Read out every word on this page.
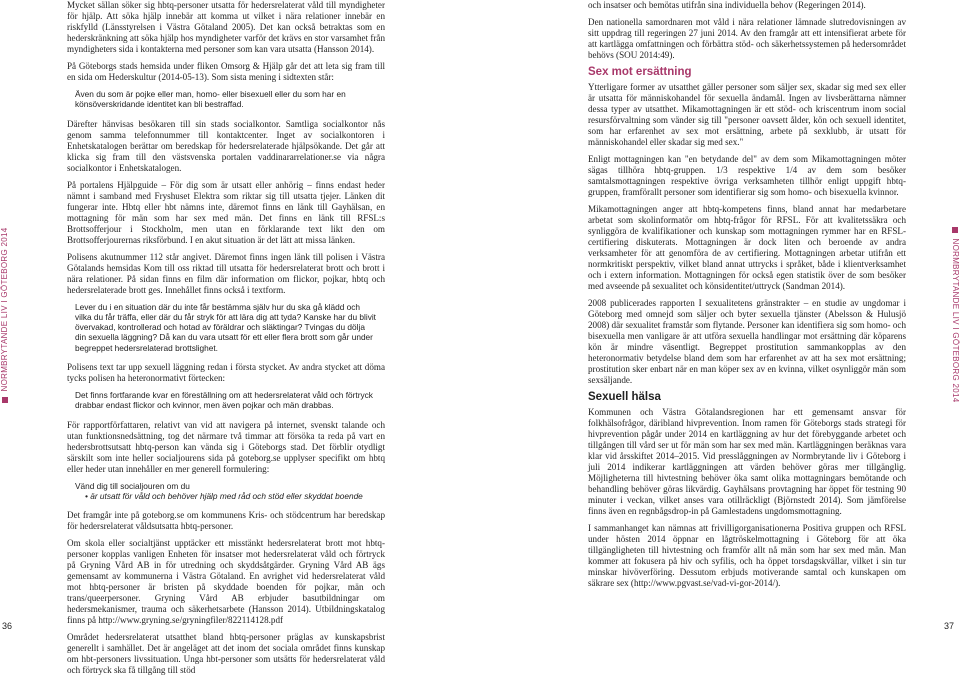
NORMBRYTANDE LIV I GÖTEBORG 2014	NORMBRYTANDE LIV I GÖTEBORG 2014

Mycket sällan söker sig hbtq-personer utsatta för hedersrelaterat våld till myndigheter för hjälp. Att söka hjälp innebär att komma ut vilket i nära relationer innebär en riskfylld (Länsstyrelsen i Västra Götaland 2005). Det kan också betraktas som en hederskränkning att söka hjälp hos myndigheter varför det krävs en stor varsamhet från myndigheters sida i kontakterna med personer som kan vara utsatta (Hansson 2014).

På Göteborgs stads hemsida under fliken Omsorg & Hjälp går det att leta sig fram till en sida om Hederskultur (2014-05-13). Som sista mening i sidtexten står:

Även du som är pojke eller man, homo- eller bisexuell eller du som har en könsöverskridande identitet kan bli bestraffad.

Därefter hänvisas besökaren till sin stads socialkontor. Samtliga socialkontor nås genom samma telefonnummer till kontaktcenter. Inget av socialkontoren i Enhetskatalogen berättar om beredskap för hedersrelaterade hjälpsökande. Det går att klicka sig fram till den västsvenska portalen vaddinararrelationer.se via några socialkontor i Enhetskatalogen.

På portalens Hjälpguide – För dig som är utsatt eller anhörig – finns endast heder nämnt i samband med Fryshuset Elektra som riktar sig till utsatta tjejer. Länken dit fungerar inte. Hbtq eller hbt nämns inte, däremot finns en länk till Gayhälsan, en mottagning för män som har sex med män. Det finns en länk till RFSL:s Brottsofferjour i Stockholm, men utan en förklarande text likt den om Brottsofferjourernas riksförbund. I en akut situation är det lätt att missa länken.

Polisens akutnummer 112 står angivet. Däremot finns ingen länk till polisen i Västra Götalands hemsidas Kom till oss riktad till utsatta för hedersrelaterat brott och brott i nära relationer. På sidan finns en film där information om flickor, pojkar, hbtq och hedersrelaterade brott ges. Innehållet finns också i textform.

Lever du i en situation där du inte får bestämma själv hur du ska gå klädd och vilka du får träffa, eller där du får stryk för att lära dig att tyda? Kanske har du blivit övervakad, kontrollerad och hotad av föräldrar och släktingar? Tvingas du dölja din sexuella läggning? Då kan du vara utsatt för ett eller flera brott som går under begreppet hedersrelaterad brottslighet.

Polisens text tar upp sexuell läggning redan i första stycket. Av andra stycket att döma tycks polisen ha heteronormativt förtecken:

Det finns fortfarande kvar en föreställning om att hedersrelaterat våld och förtryck drabbar endast flickor och kvinnor, men även pojkar och män drabbas.

För rapportförfattaren, relativt van vid att navigera på internet, svenskt talande och utan funktionsnedsättning, tog det närmare två timmar att försöka ta reda på vart en hedersbrottsutsatt hbtq-person kan vända sig i Göteborgs stad. Det förblir otydligt särskilt som inte heller socialjourens sida på goteborg.se upplyser specifikt om hbtq eller heder utan innehåller en mer generell formulering:

Vänd dig till socialjouren om du
• är utsatt för våld och behöver hjälp med råd och stöd eller skyddat boende

Det framgår inte på goteborg.se om kommunens Kris- och stödcentrum har beredskap för hedersrelaterat våldsutsatta hbtq-personer.

Om skola eller socialtjänst upptäcker ett misstänkt hedersrelaterat brott mot hbtq-personer kopplas vanligen Enheten för insatser mot hedersrelaterat våld och förtryck på Gryning Vård AB in för utredning och skyddsåtgärder. Gryning Vård AB ägs gemensamt av kommunerna i Västra Götaland. En avrighet vid hedersrelaterat våld mot hbtq-personer är bristen på skyddade boenden för pojkar, män och trans/queerpersoner. Gryning Vård AB erbjuder basutbildningar om hedersmekanismer, trauma och säkerhetsarbete (Hansson 2014). Utbildningskatalog finns på http://www.gryning.se/gryningfiler/822114128.pdf

Området hedersrelaterat utsatthet bland hbtq-personer präglas av kunskapsbrist generellt i samhället. Det är angeläget att det inom det sociala området finns kunskap om hbt-personers livssituation. Unga hbt-personer som utsätts för hedersrelaterat våld och förtryck ska få tillgång till stöd

och insatser och bemötas utifrån sina individuella behov (Regeringen 2014).

Den nationella samordnaren mot våld i nära relationer lämnade slutredovisningen av sitt uppdrag till regeringen 27 juni 2014. Av den framgår att ett intensifierat arbete för att kartlägga omfattningen och förbättra stöd- och säkerhetssystemen på hedersområdet behövs (SOU 2014:49).

Sex mot ersättning

Ytterligare former av utsatthet gäller personer som säljer sex, skadar sig med sex eller är utsatta för människohandel för sexuella ändamål. Ingen av livsberättarna nämner dessa typer av utsatthet. Mikamottagningen är ett stöd- och kriscentrum inom social resursförvaltning som vänder sig till "personer oavsett ålder, kön och sexuell identitet, som har erfarenhet av sex mot ersättning, arbete på sexklubb, är utsatt för människohandel eller skadar sig med sex."

Enligt mottagningen kan "en betydande del" av dem som Mikamottagningen möter sägas tillhöra hbtq-gruppen. 1/3 respektive 1/4 av dem som besöker samtalsmottagningen respektive övriga verksamheten tillhör enligt uppgift hbtq-gruppen, framförallt personer som identifierar sig som homo- och bisexuella kvinnor.

Mikamottagningen anger att hbtq-kompetens finns, bland annat har medarbetare arbetat som skolinformatör om hbtq-frågor för RFSL. För att kvalitetssäkra och synliggöra de kvalifikationer och kunskap som mottagningen rymmer har en RFSL-certifiering diskuterats. Mottagningen är dock liten och beroende av andra verksamheter för att genomföra de av certifiering. Mottagningen arbetar utifrån ett normkritiskt perspektiv, vilket bland annat uttrycks i språket, både i klientverksamhet och i extern information. Mottagningen för också egen statistik över de som besöker med avseende på sexualitet och könsidentitet/uttryck (Sandman 2014).

2008 publicerades rapporten I sexualitetens gränstrakter – en studie av ungdomar i Göteborg med omnejd som säljer och byter sexuella tjänster (Abelsson & Hulusjö 2008) där sexualitet framstår som flytande. Personer kan identifiera sig som homo- och bisexuella men vanligare är att utföra sexuella handlingar mot ersättning där köparens kön är mindre väsentligt. Begreppet prostitution sammankopplas av den heteronormativ betydelse bland dem som har erfarenhet av att ha sex mot ersättning; prostitution sker enbart när en man köper sex av en kvinna, vilket osynliggör män som sexsäljande.

Sexuell hälsa

Kommunen och Västra Götalandsregionen har ett gemensamt ansvar för folkhälsofrågor, däribland hivprevention. Inom ramen för Göteborgs stads strategi för hivprevention pågår under 2014 en kartläggning av hur det förebyggande arbetet och tillgången till vård ser ut för män som har sex med män. Kartläggningen beräknas vara klar vid årsskiftet 2014–2015. Vid presslåggningen av Normbrytande liv i Göteborg i juli 2014 indikerar kartläggningen att värden behöver göras mer tillgänglig. Möjligheterna till hivtestning behöver öka samt olika mottagningars bemötande och behandling behöver göras likvärdig. Gayhälsans provtagning har öppet för testning 90 minuter i veckan, vilket anses vara otillräckligt (Björnstedt 2014). Som jämförelse finns även en regnbågsdrop-in på Gamlestadens ungdomsmottagning.

I sammanhanget kan nämnas att frivilligorganisationerna Positiva gruppen och RFSL under hösten 2014 öppnar en lågtröskelmottagning i Göteborg för att öka tillgängligheten till hivtestning och framför allt nå män som har sex med män. Man kommer att fokusera på hiv och syfilis, och ha öppet torsdagskvällar, vilket i sin tur minskar hivöverföring. Dessutom erbjuds motiverande samtal och kunskapen om säkrare sex (http://www.pgvast.se/vad-vi-gor-2014/).

36	37
